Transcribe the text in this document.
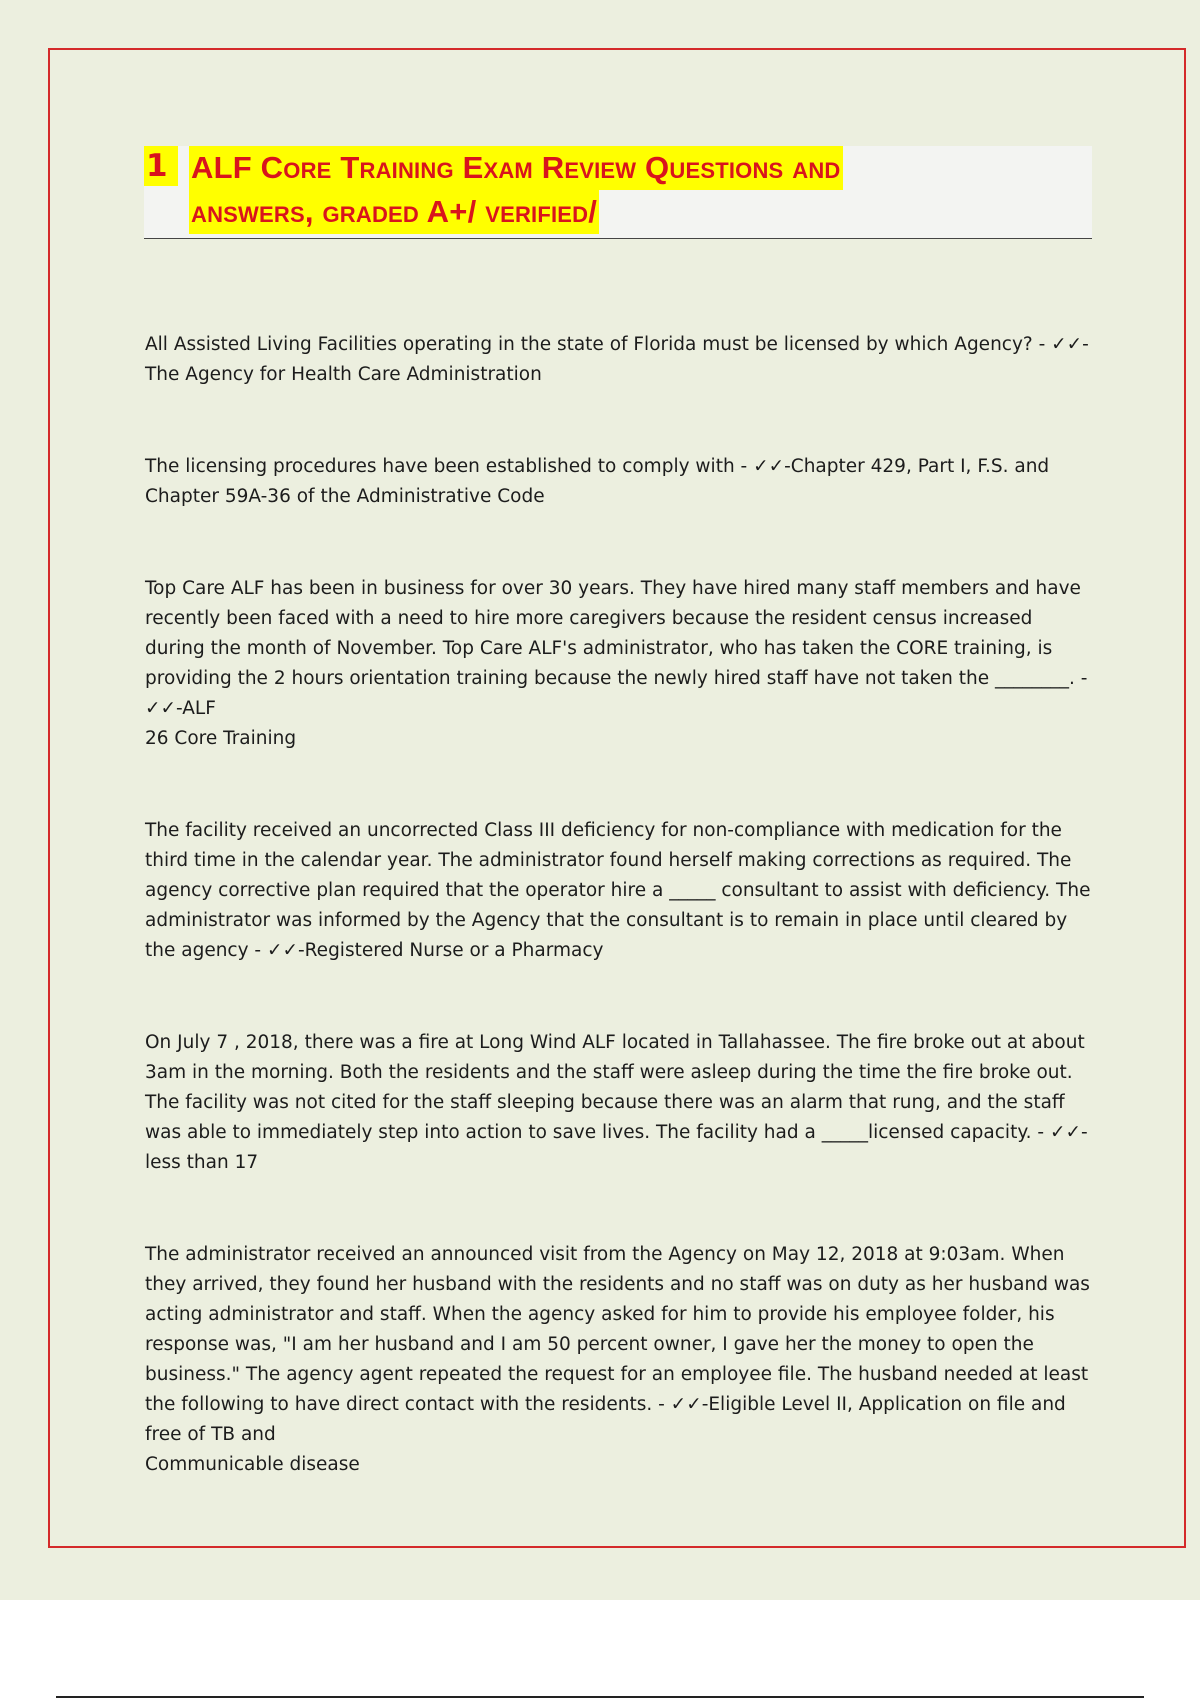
1 ALF Core Training Exam Review Questions and
answers, graded A+/ verified/

All Assisted Living Facilities operating in the state of Florida must be licensed by which Agency? - ✓✓-

The Agency for Health Care Administration

The licensing procedures have been established to comply with - ✓✓-Chapter 429, Part I, F.S. and

Chapter 59A-36 of the Administrative Code

Top Care ALF has been in business for over 30 years. They have hired many staff members and have recently been faced with a need to hire more caregivers because the resident census increased during the month of November. Top Care ALF's administrator, who has taken the CORE training, is providing the 2 hours orientation training because the newly hired staff have not taken the ________. - ✓✓-ALF

26 Core Training

The facility received an uncorrected Class III deficiency for non-compliance with medication for the third time in the calendar year. The administrator found herself making corrections as required. The agency corrective plan required that the operator hire a _____ consultant to assist with deficiency. The administrator was informed by the Agency that the consultant is to remain in place until cleared by the agency - ✓✓-Registered Nurse or a Pharmacy

On July 7 , 2018, there was a fire at Long Wind ALF located in Tallahassee. The fire broke out at about 3am in the morning. Both the residents and the staff were asleep during the time the fire broke out. The facility was not cited for the staff sleeping because there was an alarm that rung, and the staff was able to immediately step into action to save lives. The facility had a _____licensed capacity. - ✓✓-

less than 17

The administrator received an announced visit from the Agency on May 12, 2018 at 9:03am. When they arrived, they found her husband with the residents and no staff was on duty as her husband was acting administrator and staff. When the agency asked for him to provide his employee folder, his response was, "I am her husband and I am 50 percent owner, I gave her the money to open the business." The agency agent repeated the request for an employee file. The husband needed at least the following to have direct contact with the residents. - ✓✓-Eligible Level II, Application on file and free of TB and

Communicable disease
